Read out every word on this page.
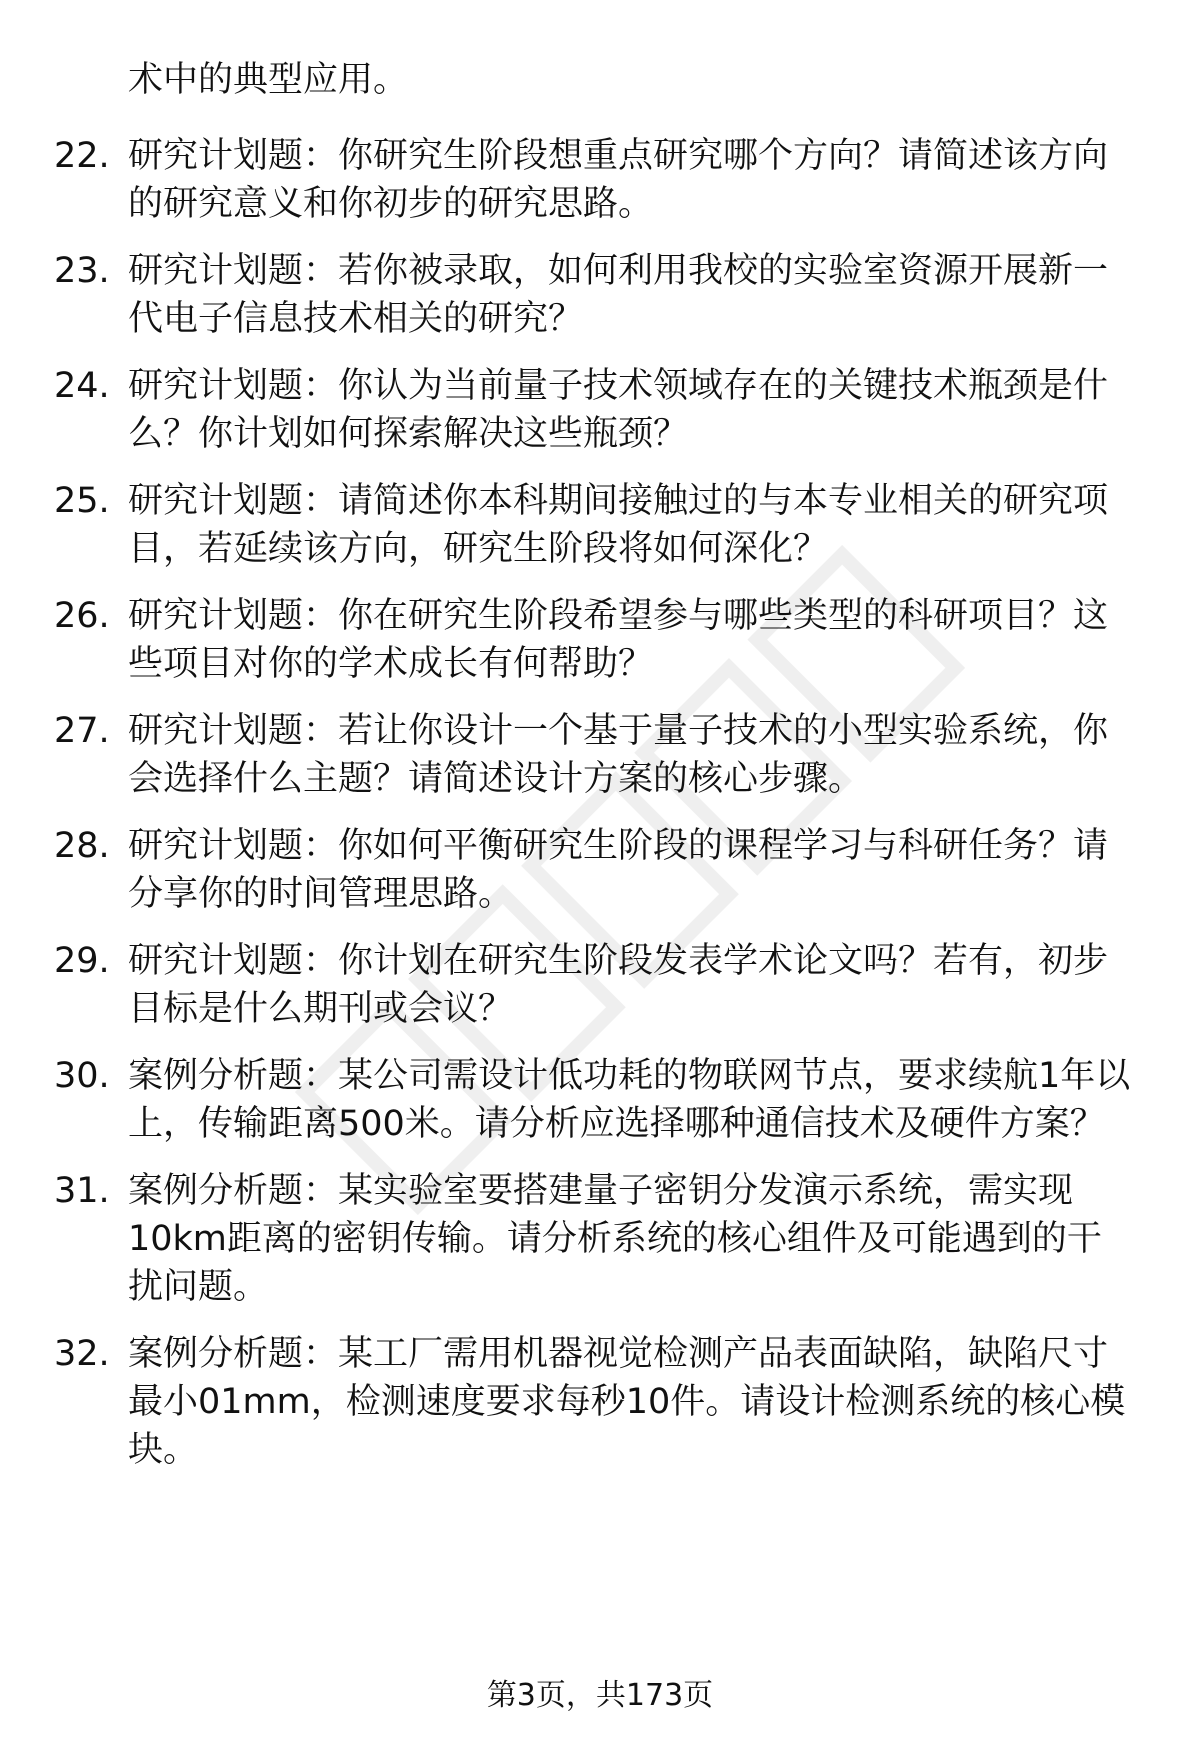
术中的典型应用。
22. 研究计划题：你研究生阶段想重点研究哪个方向？请简述该方向
的研究意义和你初步的研究思路。
23. 研究计划题：若你被录取，如何利用我校的实验室资源开展新一
代电子信息技术相关的研究？
24. 研究计划题：你认为当前量子技术领域存在的关键技术瓶颈是什
么？你计划如何探索解决这些瓶颈？
25. 研究计划题：请简述你本科期间接触过的与本专业相关的研究项
目，若延续该方向，研究生阶段将如何深化？
26. 研究计划题：你在研究生阶段希望参与哪些类型的科研项目？这
些项目对你的学术成长有何帮助？
27. 研究计划题：若让你设计一个基于量子技术的小型实验系统，你
会选择什么主题？请简述设计方案的核心步骤。
28. 研究计划题：你如何平衡研究生阶段的课程学习与科研任务？请
分享你的时间管理思路。
29. 研究计划题：你计划在研究生阶段发表学术论文吗？若有，初步
目标是什么期刊或会议？
30. 案例分析题：某公司需设计低功耗的物联网节点，要求续航1年以
上，传输距离500米。请分析应选择哪种通信技术及硬件方案？
31. 案例分析题：某实验室要搭建量子密钥分发演示系统，需实现
10km距离的密钥传输。请分析系统的核心组件及可能遇到的干
扰问题。
32. 案例分析题：某工厂需用机器视觉检测产品表面缺陷，缺陷尺寸
最小01mm，检测速度要求每秒10件。请设计检测系统的核心模
块。
第3页，共173页
